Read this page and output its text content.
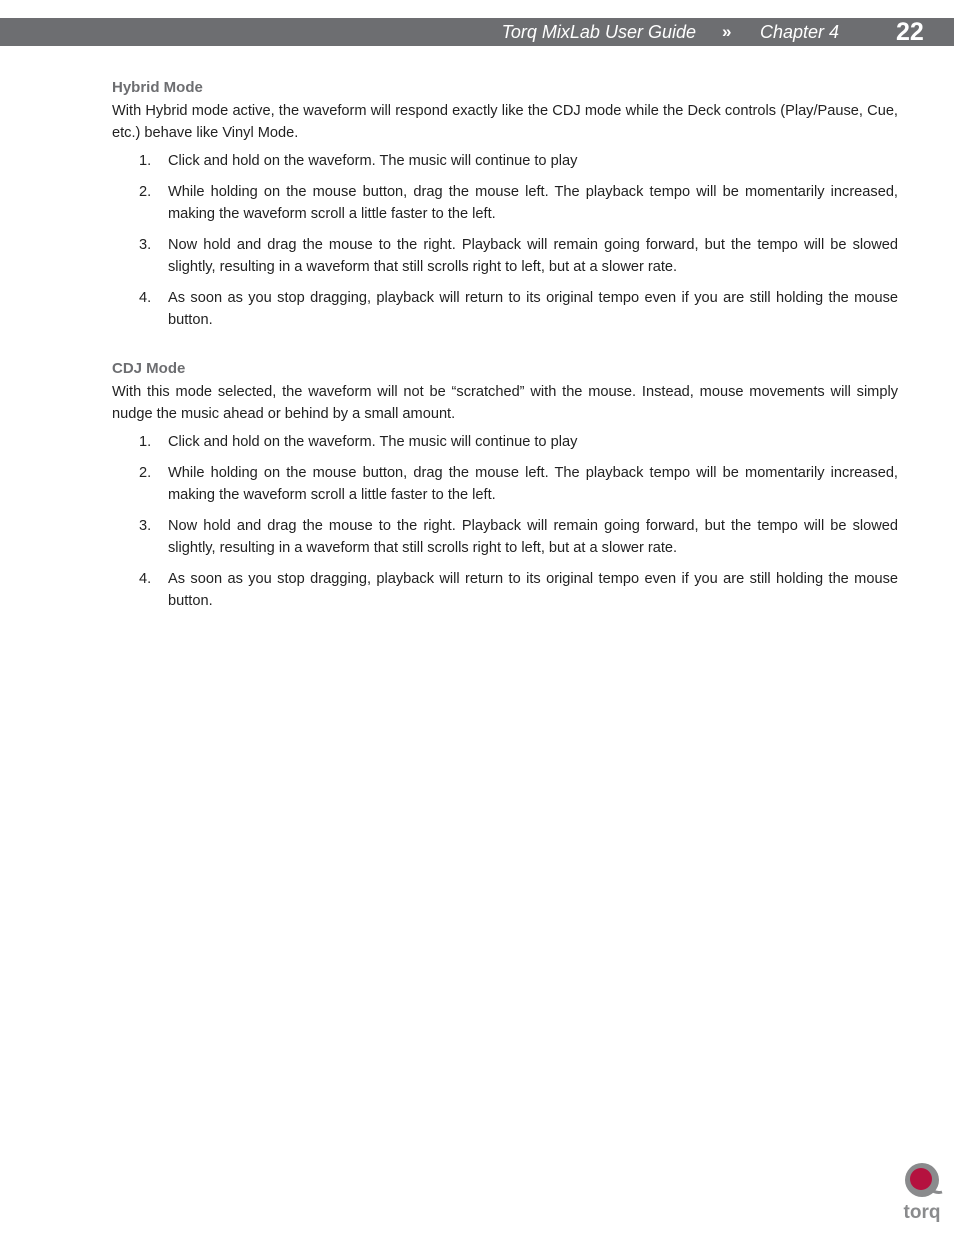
Torq MixLab User Guide » Chapter 4 22
Hybrid Mode

With Hybrid mode active, the waveform will respond exactly like the CDJ mode while the Deck controls (Play/Pause, Cue, etc.) behave like Vinyl Mode.

1. Click and hold on the waveform. The music will continue to play
2. While holding on the mouse button, drag the mouse left. The playback tempo will be momentarily increased, making the waveform scroll a little faster to the left.
3. Now hold and drag the mouse to the right. Playback will remain going forward, but the tempo will be slowed slightly, resulting in a waveform that still scrolls right to left, but at a slower rate.
4. As soon as you stop dragging, playback will return to its original tempo even if you are still holding the mouse button.
CDJ Mode

With this mode selected, the waveform will not be “scratched” with the mouse. Instead, mouse movements will simply nudge the music ahead or behind by a small amount.

1. Click and hold on the waveform. The music will continue to play
2. While holding on the mouse button, drag the mouse left. The playback tempo will be momentarily increased, making the waveform scroll a little faster to the left.
3. Now hold and drag the mouse to the right. Playback will remain going forward, but the tempo will be slowed slightly, resulting in a waveform that still scrolls right to left, but at a slower rate.
4. As soon as you stop dragging, playback will return to its original tempo even if you are still holding the mouse button.
torq
